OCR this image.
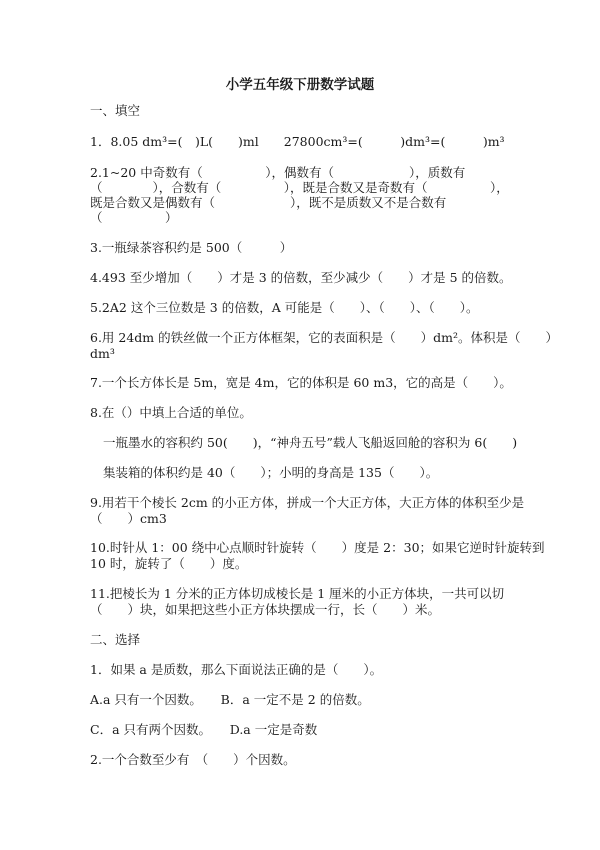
小学五年级下册数学试题
一、填空
1．8.05 dm³=(　)L(　　)ml　　27800cm³=(　　　)dm³=(　　　)m³
2.1~20 中奇数有（　　　　　），偶数有（　　　　　　），质数有
（　　　　），合数有（　　　　　），既是合数又是奇数有（　　　　　），
既是合数又是偶数有（　　　　　　），既不是质数又不是合数有
（　　　　　）
3.一瓶绿茶容积约是 500（　　　）
4.493 至少增加（　　）才是 3 的倍数，至少减少（　　）才是 5 的倍数。
5.2A2 这个三位数是 3 的倍数，A 可能是（　　）、（　　）、（　　）。
6.用 24dm 的铁丝做一个正方体框架，它的表面积是（　　）dm²。体积是（　　）
dm³
7.一个长方体长是 5m，宽是 4m，它的体积是 60 m3，它的高是（　　）。
8.在（）中填上合适的单位。
一瓶墨水的容积约 50(　　)，“神舟五号”载人飞船返回舱的容积为 6(　　)
集装箱的体积约是 40（　　）；小明的身高是 135（　　）。
9.用若干个棱长 2cm 的小正方体，拼成一个大正方体，大正方体的体积至少是
（　　）cm3
10.时针从 1：00 绕中心点顺时针旋转（　　）度是 2：30；如果它逆时针旋转到
10 时，旋转了（　　）度。
11.把棱长为 1 分米的正方体切成棱长是 1 厘米的小正方体块，一共可以切
（　　）块，如果把这些小正方体块摆成一行，长（　　）米。
二、选择
1．如果 a 是质数，那么下面说法正确的是（　　）。
A.a 只有一个因数。　　B．a 一定不是 2 的倍数。
C．a 只有两个因数。　　D.a 一定是奇数
2.一个合数至少有　（　　）个因数。
